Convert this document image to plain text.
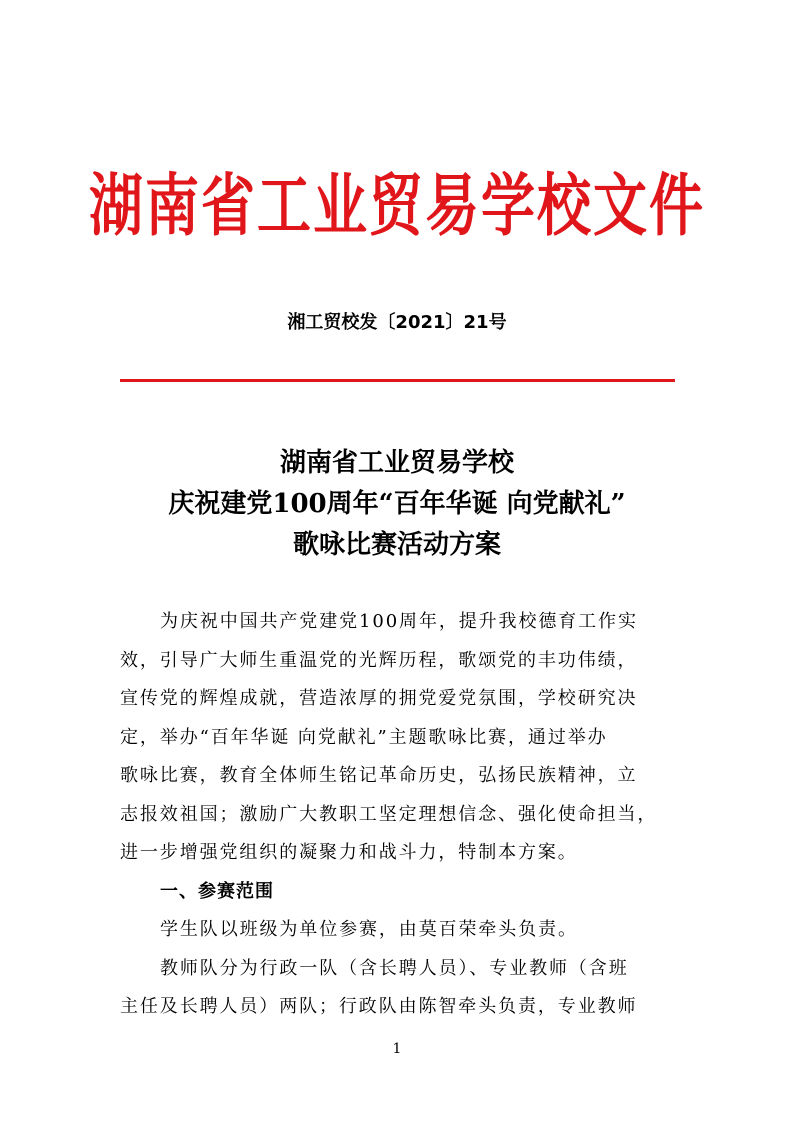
湖南省工业贸易学校文件
湘工贸校发〔2021〕21号
湖南省工业贸易学校
庆祝建党100周年“百年华诞 向党献礼”
歌咏比赛活动方案
为庆祝中国共产党建党100周年，提升我校德育工作实
效，引导广大师生重温党的光辉历程，歌颂党的丰功伟绩，
宣传党的辉煌成就，营造浓厚的拥党爱党氛围，学校研究决
定，举办“百年华诞 向党献礼”主题歌咏比赛，通过举办
歌咏比赛，教育全体师生铭记革命历史，弘扬民族精神，立
志报效祖国；激励广大教职工坚定理想信念、强化使命担当，
进一步增强党组织的凝聚力和战斗力，特制本方案。
一、参赛范围
学生队以班级为单位参赛，由莫百荣牵头负责。
教师队分为行政一队（含长聘人员）、专业教师（含班
主任及长聘人员）两队；行政队由陈智牵头负责，专业教师
1
